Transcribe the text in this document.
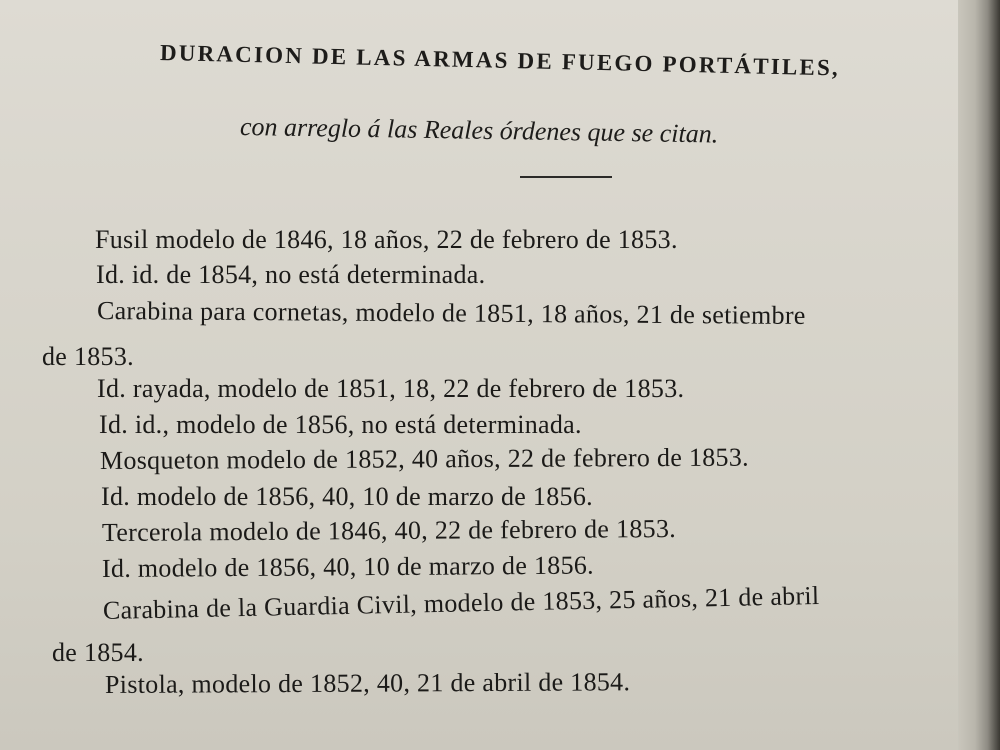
DURACION DE LAS ARMAS DE FUEGO PORTÁTILES,
con arreglo á las Reales órdenes que se citan.
Fusil modelo de 1846, 18 años, 22 de febrero de 1853.
Id. id. de 1854, no está determinada.
Carabina para cornetas, modelo de 1851, 18 años, 21 de setiembre
de 1853.
Id. rayada, modelo de 1851, 18, 22 de febrero de 1853.
Id. id., modelo de 1856, no está determinada.
Mosqueton modelo de 1852, 40 años, 22 de febrero de 1853.
Id. modelo de 1856, 40, 10 de marzo de 1856.
Tercerola modelo de 1846, 40, 22 de febrero de 1853.
Id. modelo de 1856, 40, 10 de marzo de 1856.
Carabina de la Guardia Civil, modelo de 1853, 25 años, 21 de abril
de 1854.
Pistola, modelo de 1852, 40, 21 de abril de 1854.
